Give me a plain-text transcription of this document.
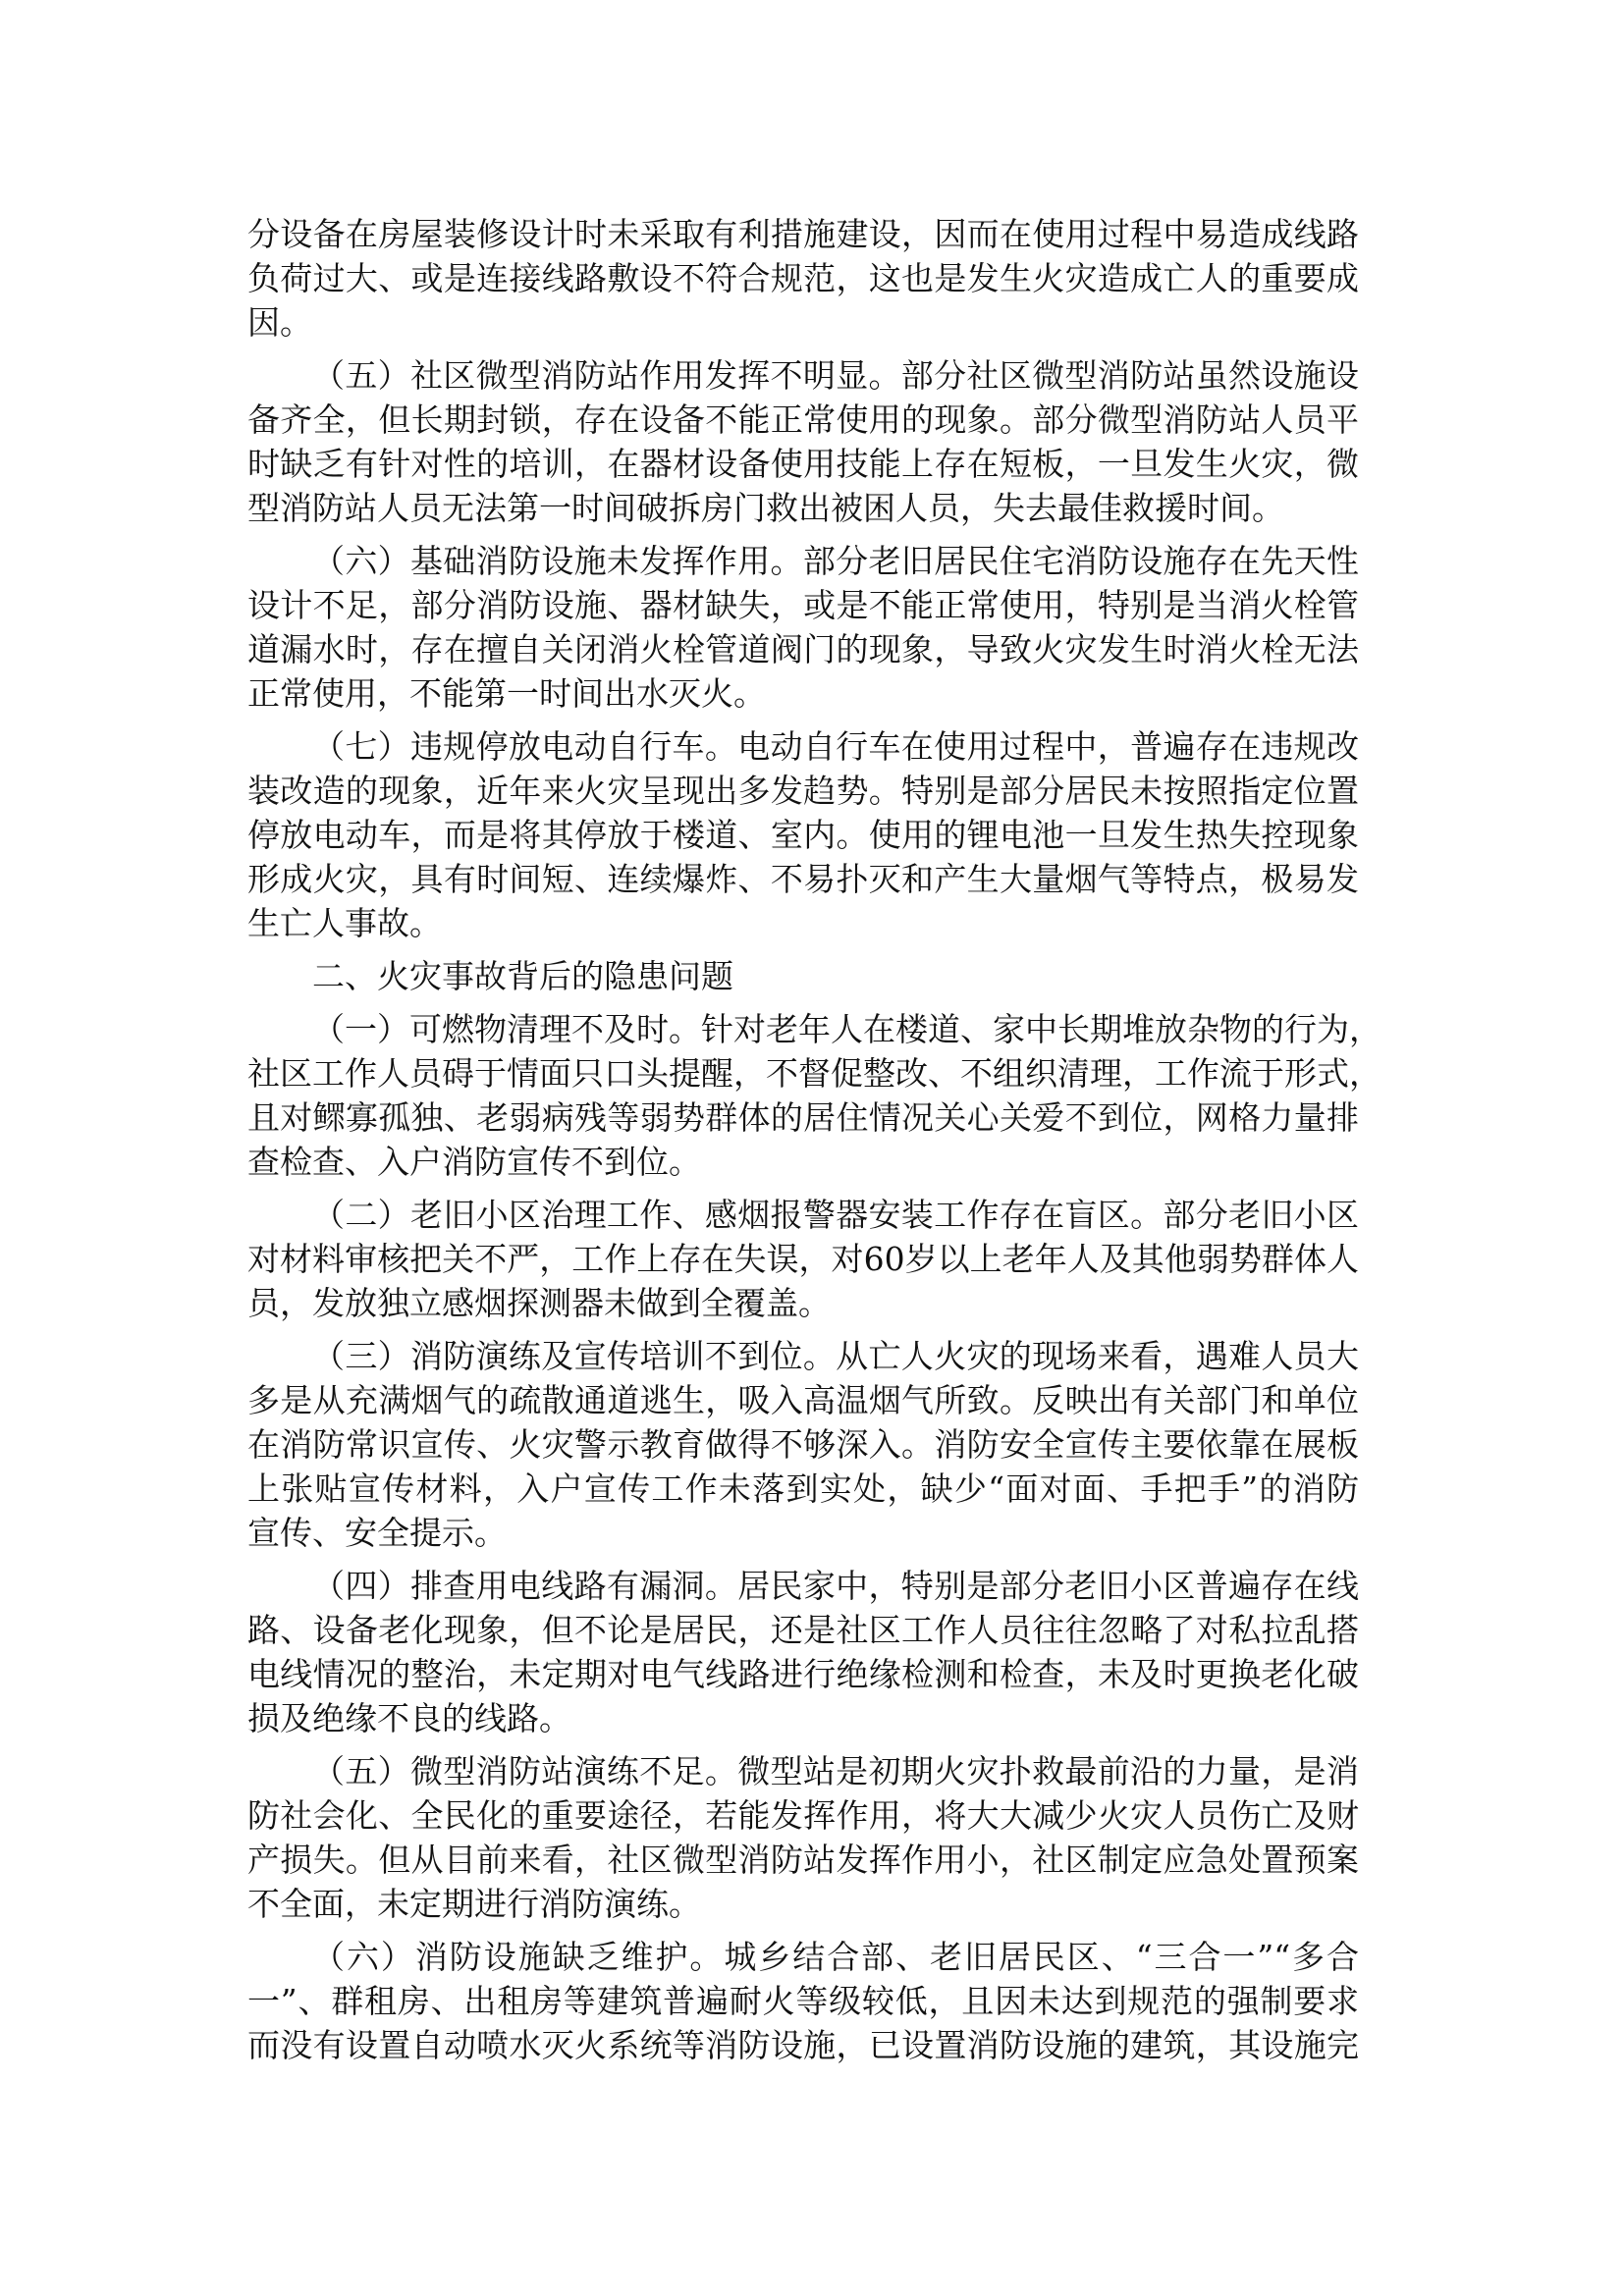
分设备在房屋装修设计时未采取有利措施建设，因而在使用过程中易造成线路
负荷过大、或是连接线路敷设不符合规范，这也是发生火灾造成亡人的重要成
因。
（五）社区微型消防站作用发挥不明显。部分社区微型消防站虽然设施设
备齐全，但长期封锁，存在设备不能正常使用的现象。部分微型消防站人员平
时缺乏有针对性的培训，在器材设备使用技能上存在短板，一旦发生火灾，微
型消防站人员无法第一时间破拆房门救出被困人员，失去最佳救援时间。
（六）基础消防设施未发挥作用。部分老旧居民住宅消防设施存在先天性
设计不足，部分消防设施、器材缺失，或是不能正常使用，特别是当消火栓管
道漏水时，存在擅自关闭消火栓管道阀门的现象，导致火灾发生时消火栓无法
正常使用，不能第一时间出水灭火。
（七）违规停放电动自行车。电动自行车在使用过程中，普遍存在违规改
装改造的现象，近年来火灾呈现出多发趋势。特别是部分居民未按照指定位置
停放电动车，而是将其停放于楼道、室内。使用的锂电池一旦发生热失控现象
形成火灾，具有时间短、连续爆炸、不易扑灭和产生大量烟气等特点，极易发
生亡人事故。
二、火灾事故背后的隐患问题
（一）可燃物清理不及时。针对老年人在楼道、家中长期堆放杂物的行为，
社区工作人员碍于情面只口头提醒，不督促整改、不组织清理，工作流于形式，
且对鳏寡孤独、老弱病残等弱势群体的居住情况关心关爱不到位，网格力量排
查检查、入户消防宣传不到位。
（二）老旧小区治理工作、感烟报警器安装工作存在盲区。部分老旧小区
对材料审核把关不严，工作上存在失误，对60岁以上老年人及其他弱势群体人
员，发放独立感烟探测器未做到全覆盖。
（三）消防演练及宣传培训不到位。从亡人火灾的现场来看，遇难人员大
多是从充满烟气的疏散通道逃生，吸入高温烟气所致。反映出有关部门和单位
在消防常识宣传、火灾警示教育做得不够深入。消防安全宣传主要依靠在展板
上张贴宣传材料，入户宣传工作未落到实处，缺少“面对面、手把手”的消防
宣传、安全提示。
（四）排查用电线路有漏洞。居民家中，特别是部分老旧小区普遍存在线
路、设备老化现象，但不论是居民，还是社区工作人员往往忽略了对私拉乱搭
电线情况的整治，未定期对电气线路进行绝缘检测和检查，未及时更换老化破
损及绝缘不良的线路。
（五）微型消防站演练不足。微型站是初期火灾扑救最前沿的力量，是消
防社会化、全民化的重要途径，若能发挥作用，将大大减少火灾人员伤亡及财
产损失。但从目前来看，社区微型消防站发挥作用小，社区制定应急处置预案
不全面，未定期进行消防演练。
（六）消防设施缺乏维护。城乡结合部、老旧居民区、“三合一”“多合
一”、群租房、出租房等建筑普遍耐火等级较低，且因未达到规范的强制要求
而没有设置自动喷水灭火系统等消防设施，已设置消防设施的建筑，其设施完
